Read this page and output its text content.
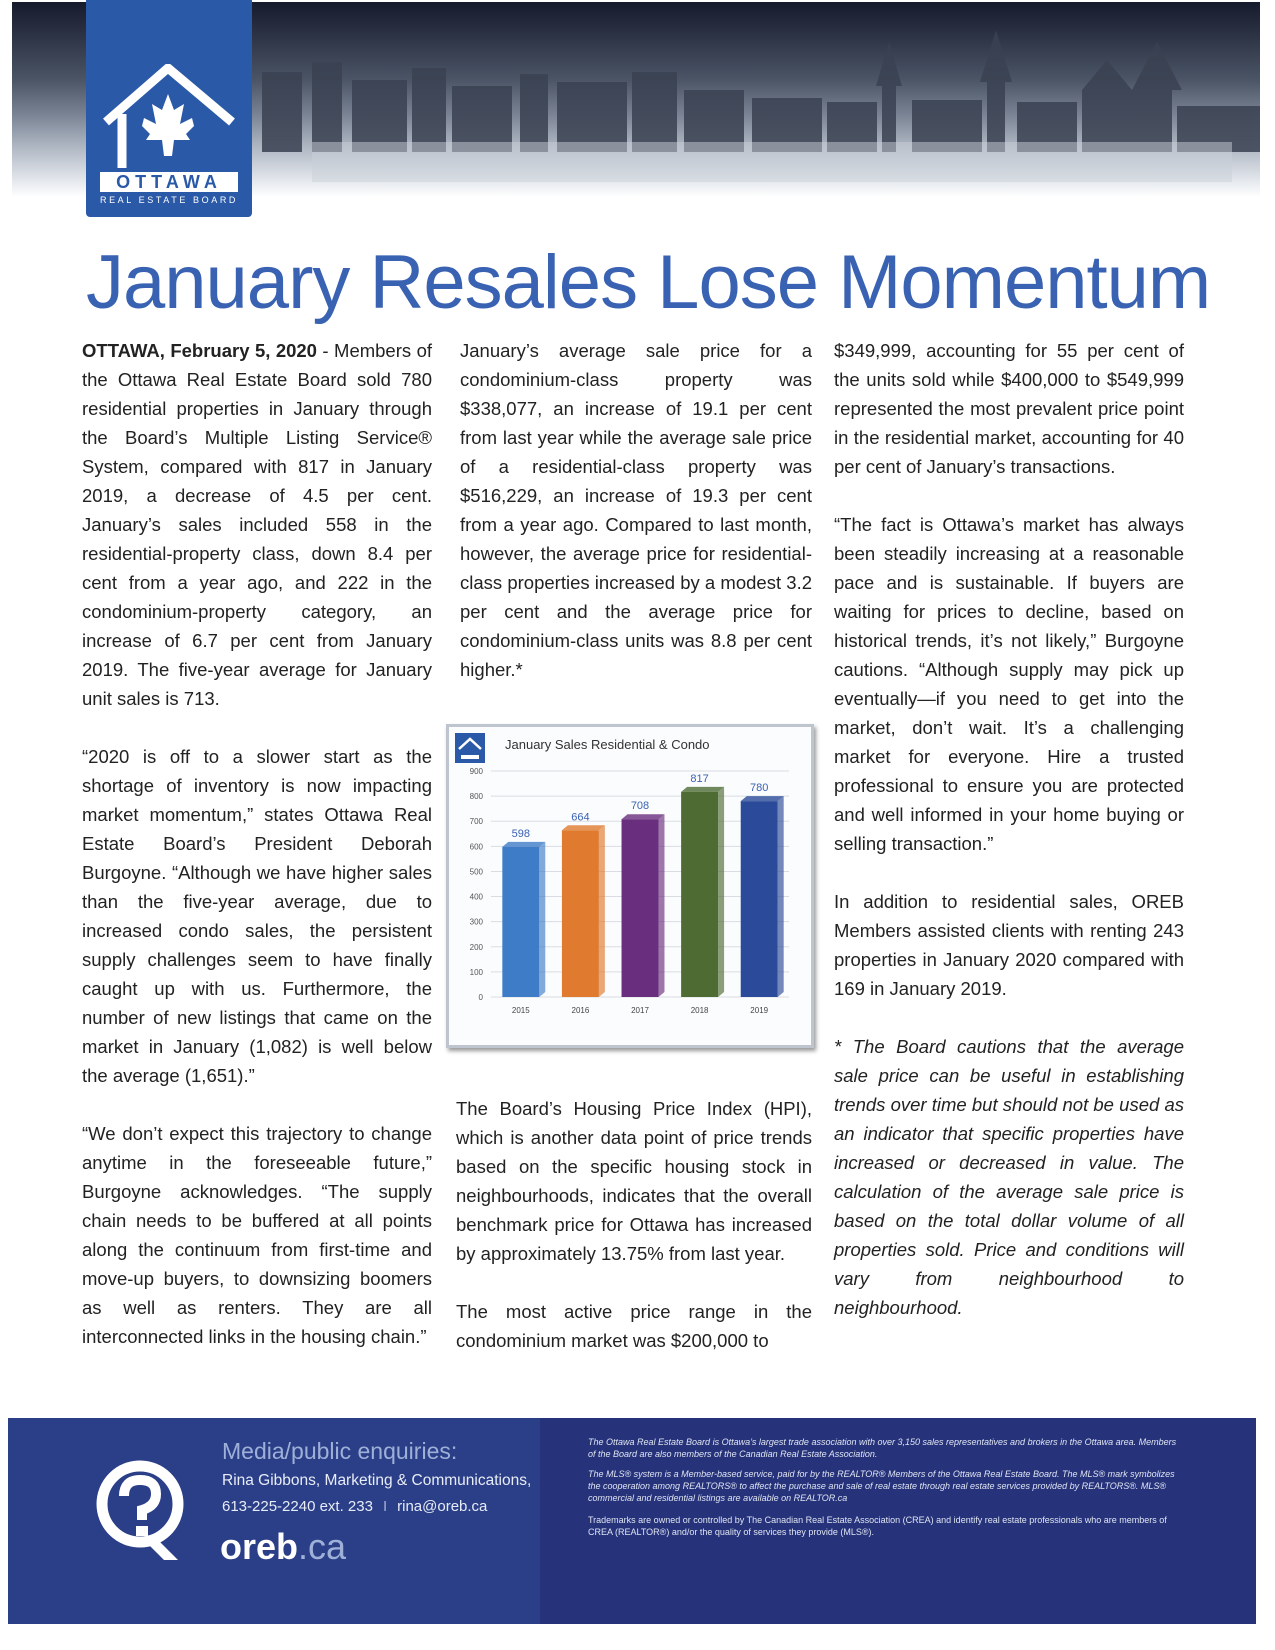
OTTAWA
REAL ESTATE BOARD
January Resales Lose Momentum

OTTAWA, February 5, 2020 - Members of the Ottawa Real Estate Board sold 780 residential properties in January through the Board’s Multiple Listing Service® System, compared with 817 in January 2019, a decrease of 4.5 per cent. January’s sales included 558 in the residential-property class, down 8.4 per cent from a year ago, and 222 in the condominium-property category, an increase of 6.7 per cent from January 2019. The five-year average for January unit sales is 713.

“2020 is off to a slower start as the shortage of inventory is now impacting market momentum,” states Ottawa Real Estate Board’s President Deborah Burgoyne. “Although we have higher sales than the five-year average, due to increased condo sales, the persistent supply challenges seem to have finally caught up with us. Furthermore, the number of new listings that came on the market in January (1,082) is well below the average (1,651).”

“We don’t expect this trajectory to change anytime in the foreseeable future,” Burgoyne acknowledges. “The supply chain needs to be buffered at all points along the continuum from first-time and move-up buyers, to downsizing boomers as well as renters. They are all interconnected links in the housing chain.”

January’s average sale price for a condominium-class property was $338,077, an increase of 19.1 per cent from last year while the average sale price of a residential-class property was $516,229, an increase of 19.3 per cent from a year ago. Compared to last month, however, the average price for residential-class properties increased by a modest 3.2 per cent and the average price for condominium-class units was 8.8 per cent higher.*

January Sales Residential & Condo
0
100
200
300
400
500
600
700
800
900
598
664
708
817
780
2015	2016	2017	2018	2019

The Board’s Housing Price Index (HPI), which is another data point of price trends based on the specific housing stock in neighbourhoods, indicates that the overall benchmark price for Ottawa has increased by approximately 13.75% from last year.

The most active price range in the condominium market was $200,000 to

$349,999, accounting for 55 per cent of the units sold while $400,000 to $549,999 represented the most prevalent price point in the residential market, accounting for 40 per cent of January’s transactions.

“The fact is Ottawa’s market has always been steadily increasing at a reasonable pace and is sustainable. If buyers are waiting for prices to decline, based on historical trends, it’s not likely,” Burgoyne cautions. “Although supply may pick up eventually—if you need to get into the market, don’t wait. It’s a challenging market for everyone. Hire a trusted professional to ensure you are protected and well informed in your home buying or selling transaction.”

In addition to residential sales, OREB Members assisted clients with renting 243 properties in January 2020 compared with 169 in January 2019.

* The Board cautions that the average sale price can be useful in establishing trends over time but should not be used as an indicator that specific properties have increased or decreased in value. The calculation of the average sale price is based on the total dollar volume of all properties sold. Price and conditions will vary from neighbourhood to neighbourhood.

Media/public enquiries:
Rina Gibbons, Marketing & Communications,
613-225-2240 ext. 233 I rina@oreb.ca
oreb.ca
The Ottawa Real Estate Board is Ottawa’s largest trade association with over 3,150 sales representatives and brokers in the Ottawa area. Members of the Board are also members of the Canadian Real Estate Association.
The MLS® system is a Member-based service, paid for by the REALTOR® Members of the Ottawa Real Estate Board. The MLS® mark symbolizes the cooperation among REALTORS® to affect the purchase and sale of real estate through real estate services provided by REALTORS®. MLS® commercial and residential listings are available on REALTOR.ca
Trademarks are owned or controlled by The Canadian Real Estate Association (CREA) and identify real estate professionals who are members of CREA (REALTOR®) and/or the quality of services they provide (MLS®).
